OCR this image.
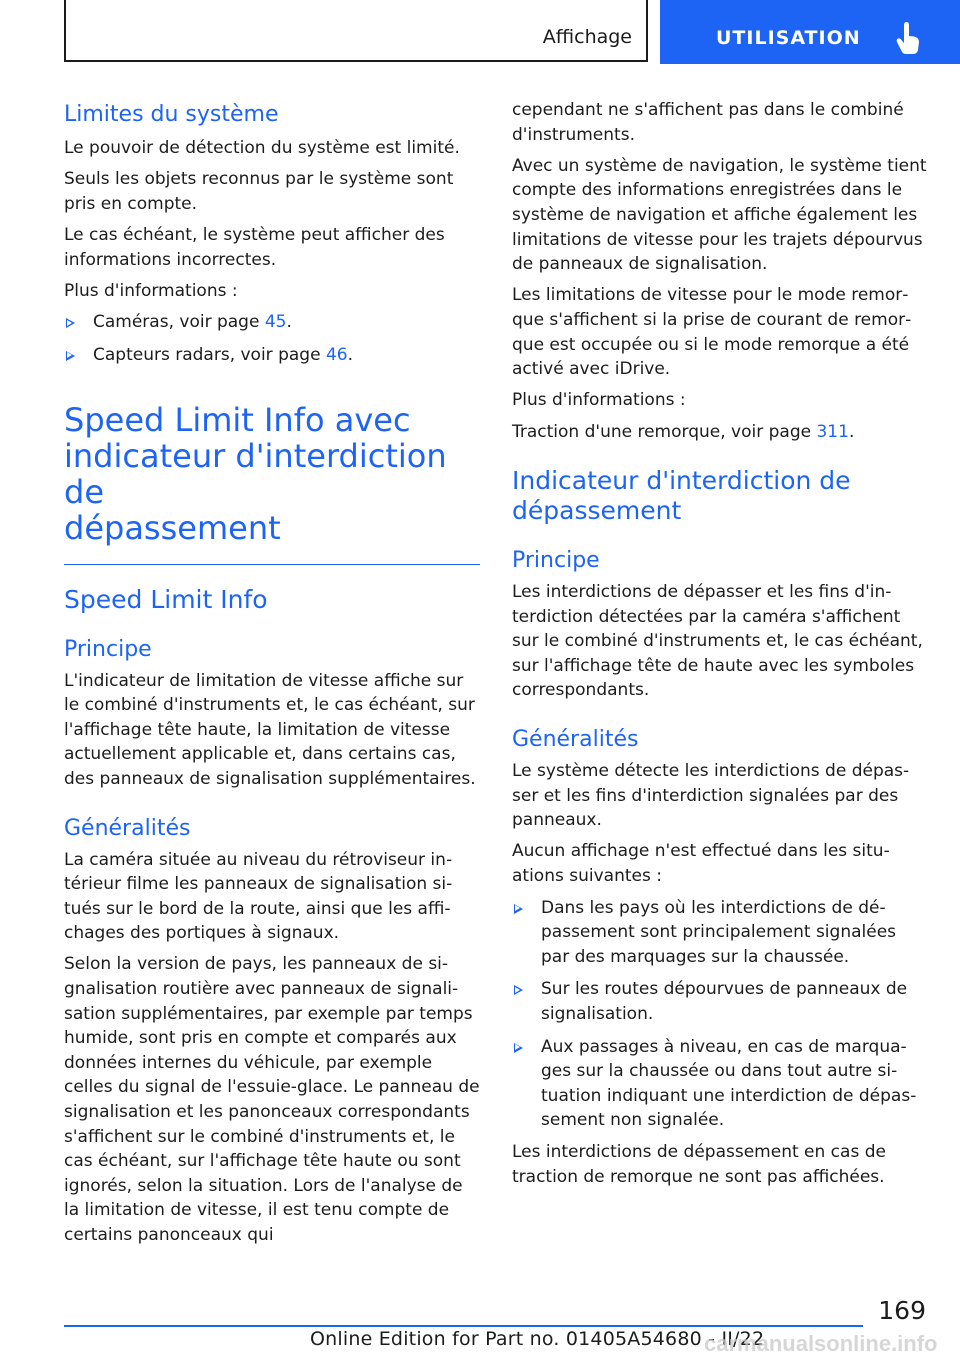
Affichage	UTILISATION
Limites du système

Le pouvoir de détection du système est limité.

Seuls les objets reconnus par le système sont pris en compte.

Le cas échéant, le système peut afficher des informations incorrectes.

Plus d'informations :

Caméras, voir page 45.
Capteurs radars, voir page 46.
Speed Limit Info avec
indicateur d'interdiction de
dépassement
Speed Limit Info
Principe

L'indicateur de limitation de vitesse affiche sur le combiné d'instruments et, le cas échéant, sur l'affichage tête haute, la limitation de vitesse actuellement applicable et, dans certains cas, des panneaux de signalisation supplémentaires.

Généralités

La caméra située au niveau du rétroviseur intérieur filme les panneaux de signalisation situés sur le bord de la route, ainsi que les affichages des portiques à signaux.

Selon la version de pays, les panneaux de signalisation routière avec panneaux de signalisation supplémentaires, par exemple par temps humide, sont pris en compte et comparés aux données internes du véhicule, par exemple celles du signal de l'essuie-glace. Le panneau de signalisation et les panonceaux correspondants s'affichent sur le combiné d'instruments et, le cas échéant, sur l'affichage tête haute ou sont ignorés, selon la situation. Lors de l'analyse de la limitation de vitesse, il est tenu compte de certains panonceaux qui

cependant ne s'affichent pas dans le combiné d'instruments.

Avec un système de navigation, le système tient compte des informations enregistrées dans le système de navigation et affiche également les limitations de vitesse pour les trajets dépourvus de panneaux de signalisation.

Les limitations de vitesse pour le mode remorque s'affichent si la prise de courant de remorque est occupée ou si le mode remorque a été activé avec iDrive.

Plus d'informations :

Traction d'une remorque, voir page 311.

Indicateur d'interdiction de
dépassement
Principe

Les interdictions de dépasser et les fins d'interdiction détectées par la caméra s'affichent sur le combiné d'instruments et, le cas échéant, sur l'affichage tête de haute avec les symboles correspondants.

Généralités

Le système détecte les interdictions de dépasser et les fins d'interdiction signalées par des panneaux.

Aucun affichage n'est effectué dans les situations suivantes :

Dans les pays où les interdictions de dépassement sont principalement signalées par des marquages sur la chaussée.
Sur les routes dépourvues de panneaux de signalisation.
Aux passages à niveau, en cas de marquages sur la chaussée ou dans tout autre situation indiquant une interdiction de dépassement non signalée.

Les interdictions de dépassement en cas de traction de remorque ne sont pas affichées.

169
Online Edition for Part no. 01405A54680 - II/22
carmanualsonline.info
